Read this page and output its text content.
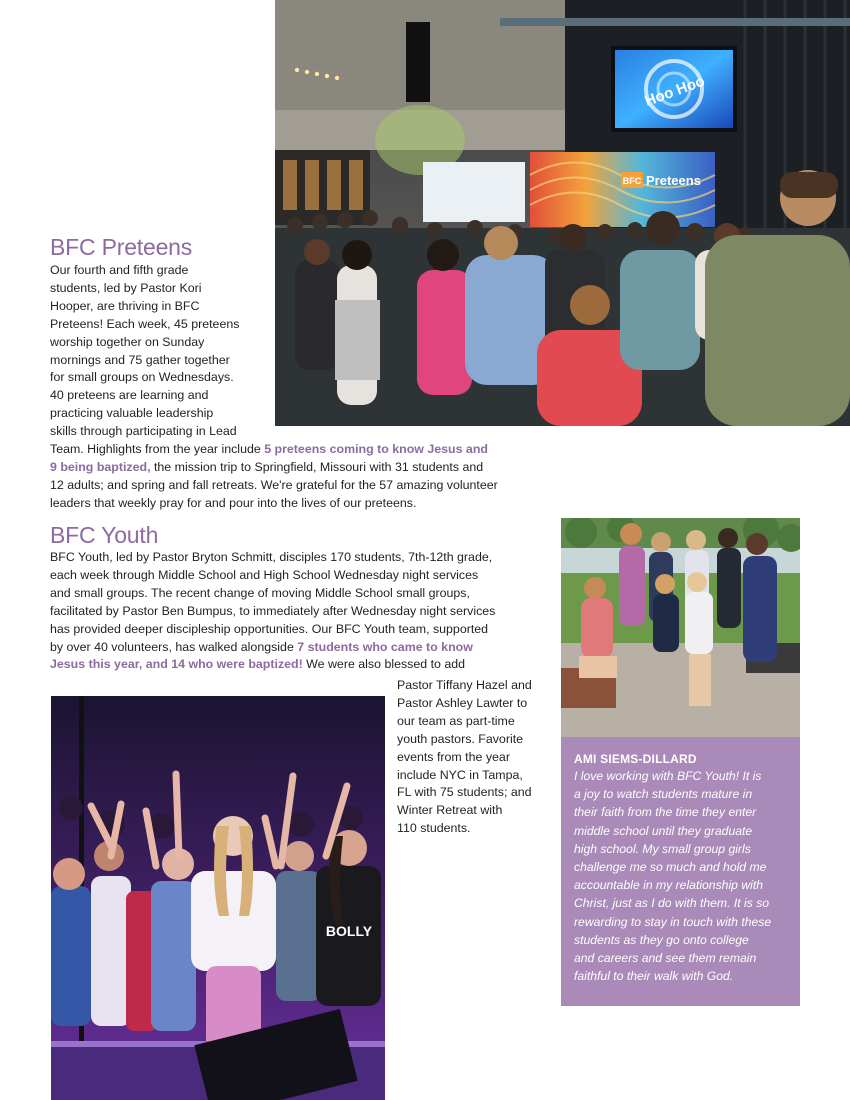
Hoo Hoo
BFC Preteens
BFC Preteens
Our fourth and fifth grade
students, led by Pastor Kori
Hooper, are thriving in BFC
Preteens! Each week, 45 preteens
worship together on Sunday
mornings and 75 gather together
for small groups on Wednesdays.
40 preteens are learning and
practicing valuable leadership
skills through participating in Lead
Team. Highlights from the year include 5 preteens coming to know Jesus and
9 being baptized, the mission trip to Springfield, Missouri with 31 students and
12 adults; and spring and fall retreats. We're grateful for the 57 amazing volunteer
leaders that weekly pray for and pour into the lives of our preteens.
BFC Youth
BFC Youth, led by Pastor Bryton Schmitt, disciples 170 students, 7th-12th grade,
each week through Middle School and High School Wednesday night services
and small groups. The recent change of moving Middle School small groups,
facilitated by Pastor Ben Bumpus, to immediately after Wednesday night services
has provided deeper discipleship opportunities. Our BFC Youth team, supported
by over 40 volunteers, has walked alongside 7 students who came to know
Jesus this year, and 14 who were baptized! We were also blessed to add
Pastor Tiffany Hazel and
Pastor Ashley Lawter to
our team as part-time
youth pastors. Favorite
events from the year
include NYC in Tampa,
FL with 75 students; and
Winter Retreat with
110 students.

AMI SIEMS-DILLARD

I love working with BFC Youth! It is
a joy to watch students mature in
their faith from the time they enter
middle school until they graduate
high school. My small group girls
challenge me so much and hold me
accountable in my relationship with
Christ, just as I do with them. It is so
rewarding to stay in touch with these
students as they go onto college
and careers and see them remain
faithful to their walk with God.
BOLLY
